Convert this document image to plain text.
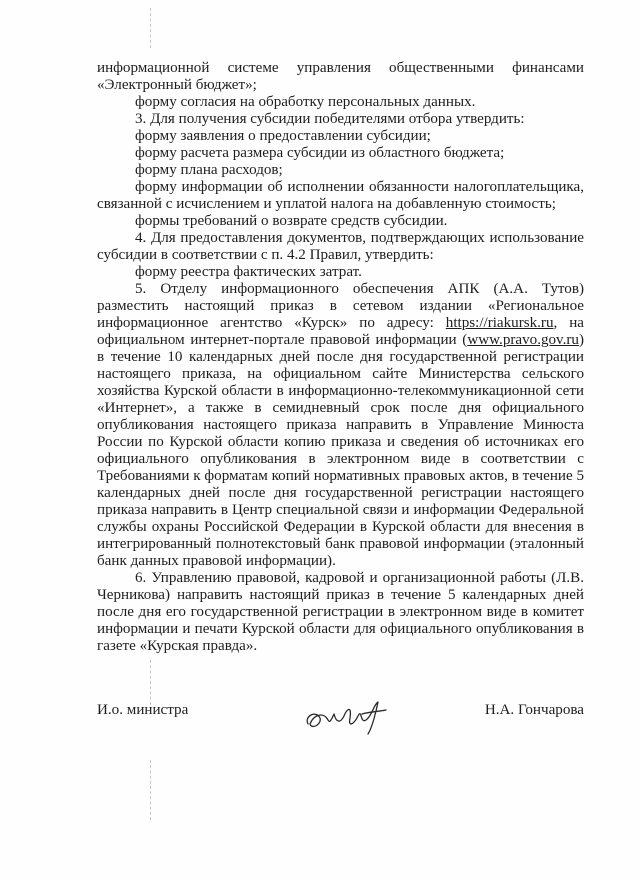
информационной системе управления общественными финансами «Электронный бюджет»;

форму согласия на обработку персональных данных.

3. Для получения субсидии победителями отбора утвердить:

форму заявления о предоставлении субсидии;

форму расчета размера субсидии из областного бюджета;

форму плана расходов;

форму информации об исполнении обязанности налогоплательщика, связанной с исчислением и уплатой налога на добавленную стоимость;

формы требований о возврате средств субсидии.

4. Для предоставления документов, подтверждающих использование субсидии в соответствии с п. 4.2 Правил, утвердить:

форму реестра фактических затрат.

5. Отделу информационного обеспечения АПК (А.А. Тутов) разместить настоящий приказ в сетевом издании «Региональное информационное агентство «Курск» по адресу: https://riakursk.ru, на официальном интернет-портале правовой информации (www.pravo.gov.ru) в течение 10 календарных дней после дня государственной регистрации настоящего приказа, на официальном сайте Министерства сельского хозяйства Курской области в информационно-телекоммуникационной сети «Интернет», а также в семидневный срок после дня официального опубликования настоящего приказа направить в Управление Минюста России по Курской области копию приказа и сведения об источниках его официального опубликования в электронном виде в соответствии с Требованиями к форматам копий нормативных правовых актов, в течение 5 календарных дней после дня государственной регистрации настоящего приказа направить в Центр специальной связи и информации Федеральной службы охраны Российской Федерации в Курской области для внесения в интегрированный полнотекстовый банк правовой информации (эталонный банк данных правовой информации).

6. Управлению правовой, кадровой и организационной работы (Л.В. Черникова) направить настоящий приказ в течение 5 календарных дней после дня его государственной регистрации в электронном виде в комитет информации и печати Курской области для официального опубликования в газете «Курская правда».

И.о. министра	Н.А. Гончарова
